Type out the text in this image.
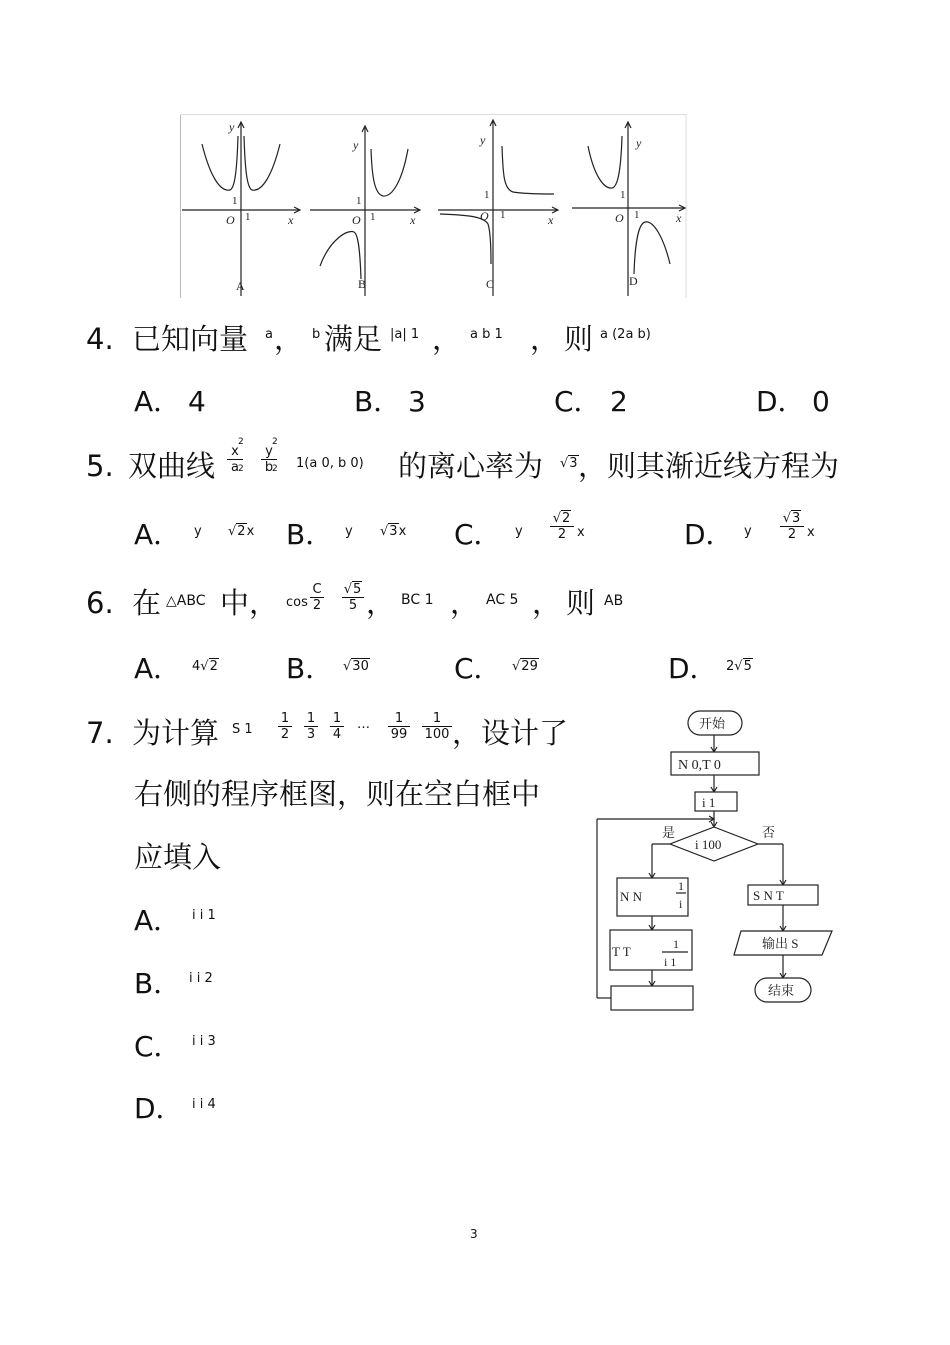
y
x
O
y
x
O
y
x
O
y
x
O
1
1
1
1
1
1
1
1
A	B	C	D
4. 已知向量 a ， b 满足 |a| 1 ， a b 1 ， 则 a (2a b)
A． 4	B． 3	C． 2	D． 0
5. 双曲线 $\frac{x}{a}$
2
$2 \frac{y}{b}$
2
2 1(a 0, b 0) 的离心率为 √3 ，则其渐近线方程为
A． y √2x B． y √3x C． y $\frac{√2}{2}$ x	D． y $\frac{√3}{2}$ x
6. 在 △ABC 中， $\cos \frac{C}{2} \frac{√5}{5}$ ， BC 1 ， AC 5 ， 则 AB
A． 4√2 B． √30	C． √29	D． 2√5
7. 为计算 S $1 \frac{1}{2} \frac{1}{3} \frac{1}{4}$ … $\frac{1}{99} \frac{1}{100}$ ，设计了
右侧的程序框图，则在空白框中
应填入
A． i i 1
B． i i 2
C． i i 3
D． i i 4
开始
N 0,T 0
i 1
i 100
是	否
N N
1
i
T T	1
i 1
S N T
输出 S
结束
3
